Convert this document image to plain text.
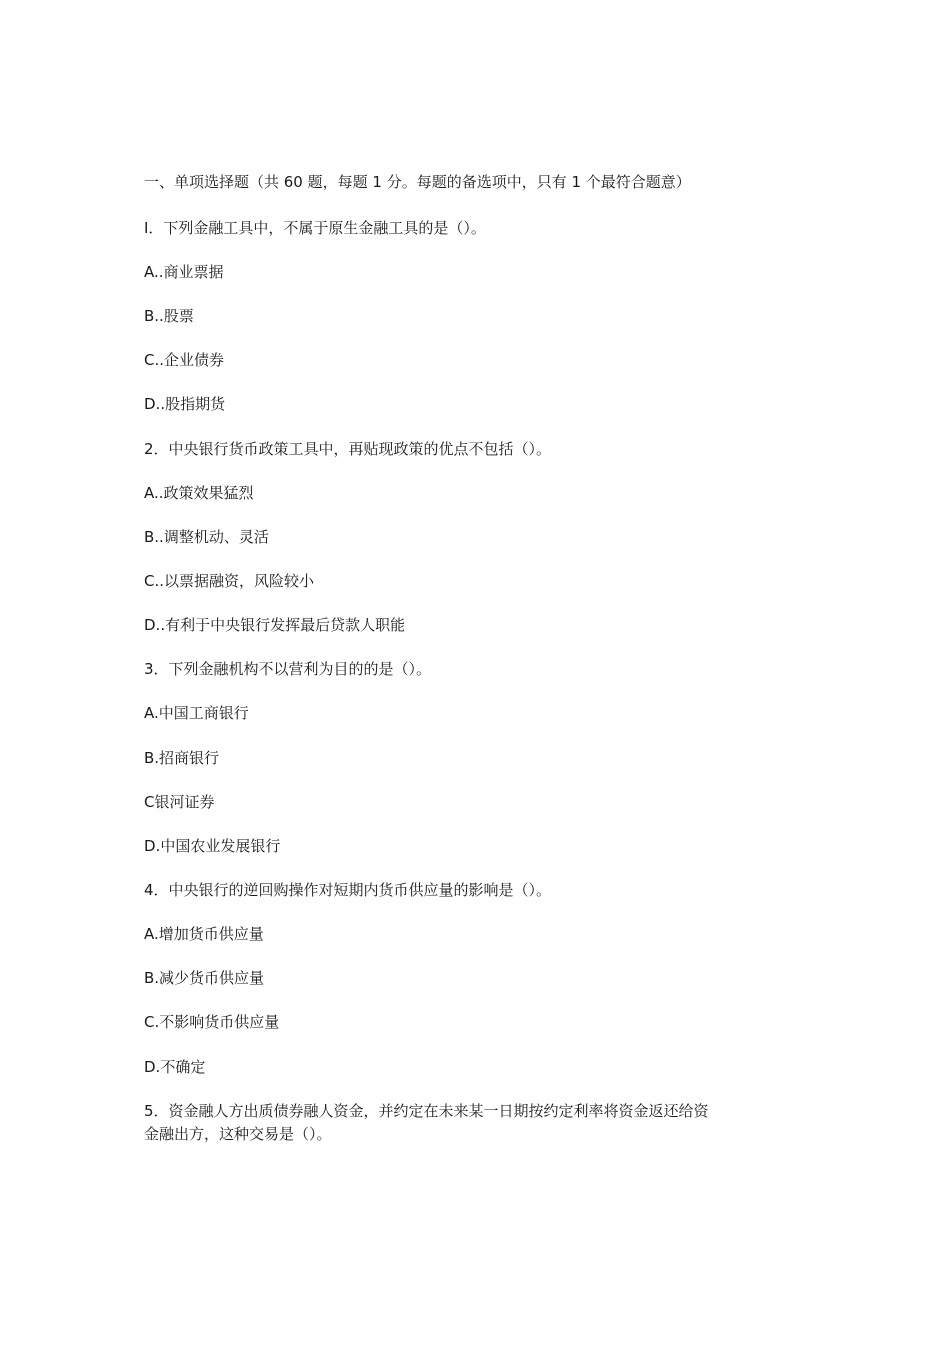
一、单项选择题（共 60 题，每题 1 分。每题的备选项中，只有 1 个最符合题意）
I．下列金融工具中，不属于原生金融工具的是（）。
A..商业票据
B..股票
C..企业债券
D..股指期货
2．中央银行货币政策工具中，再贴现政策的优点不包括（）。
A..政策效果猛烈
B..调整机动、灵活
C..以票据融资，风险较小
D..有利于中央银行发挥最后贷款人职能
3．下列金融机构不以营利为目的的是（）。
A.中国工商银行
B.招商银行
C银河证券
D.中国农业发展银行
4．中央银行的逆回购操作对短期内货币供应量的影响是（）。
A.增加货币供应量
B.减少货币供应量
C.不影响货币供应量
D.不确定
5．资金融人方出质债券融人资金，并约定在未来某一日期按约定利率将资金返还给资
金融出方，这种交易是（）。
